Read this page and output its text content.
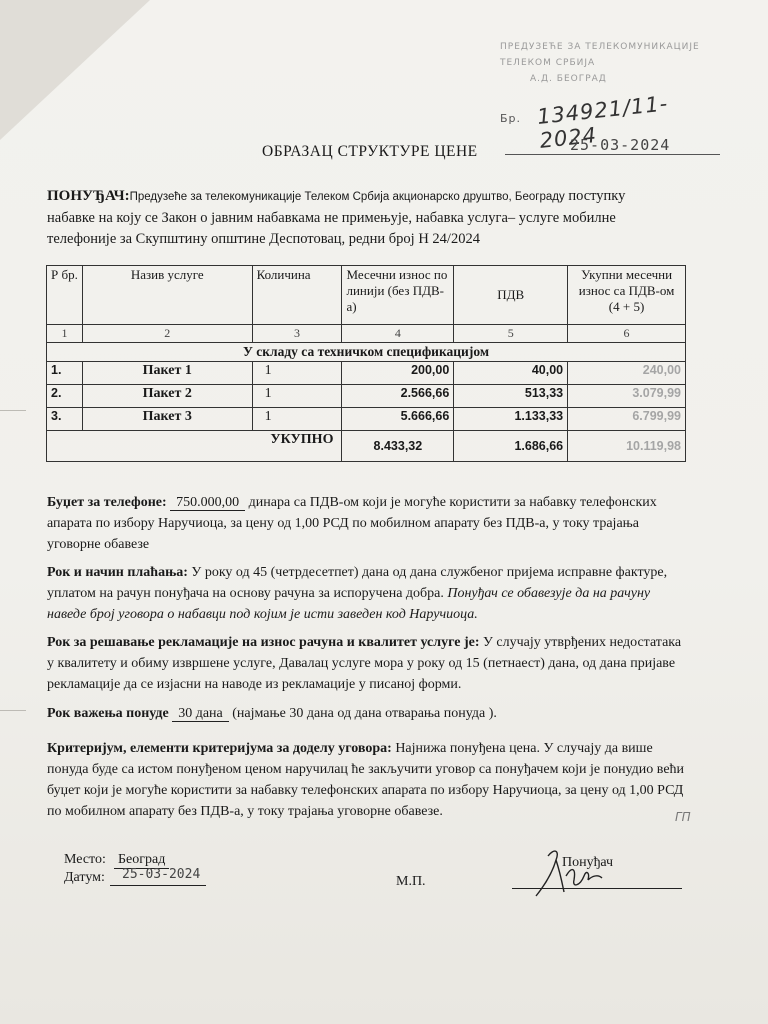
ПРЕДУЗЕЋЕ ЗА ТЕЛЕКОМУНИКАЦИЈЕ
ТЕЛЕКОМ СРБИЈА
А.Д. БЕОГРАД
Бр. 134921/11-2024
25-03-2024
ОБРАЗАЦ СТРУКТУРЕ ЦЕНЕ
ПОНУЂАЧ:Предузеће за телекомуникације Телеком Србија акционарско друштво, Београду поступку
набавке на коју се Закон о јавним набавкама не примењује, набавка услуга– услуге мобилне телефоније за Скупштину општине Деспотовац, редни број Н 24/2024
Р бр.	Назив услуге	Количина	Месечни износ по линији (без ПДВ-а)	ПДВ	Укупни месечни износ са ПДВ-ом (4 + 5)
1	2	3	4	5	6
У складу са техничком спецификацијом					
1.	Пакет 1	1	200,00	40,00	240,00
2.	Пакет 2	1	2.566,66	513,33	3.079,99
3.	Пакет 3	1	5.666,66	1.133,33	6.799,99
УКУПНО			8.433,32	1.686,66	10.119,98
Буџет за телефоне: 750.000,00 динара са ПДВ-ом који је могуће користити за набавку телефонских апарата по избору Наручиоца, за цену од 1,00 РСД по мобилном апарату без ПДВ-а, у току трајања уговорне обавезе
Рок и начин плаћања: У року од 45 (четрдесетпет) дана од дана службеног пријема исправне фактуре, уплатом на рачун понуђача на основу рачуна за испоручена добра. Понуђач се обавезује да на рачуну наведе број уговора о набавци под којим је исти заведен код Наручиоца.
Рок за решавање рекламације на износ рачуна и квалитет услуге је: У случају утврђених недостатака у квалитету и обиму извршене услуге, Давалац услуге мора у року од 15 (петнаест) дана, од дана пријаве рекламације да се изјасни на наводе из рекламације у писаној форми.
Рок важења понуде 30 дана (најмање 30 дана од дана отварања понуда ).
Критеријум, елементи критеријума за доделу уговора: Најнижа понуђена цена. У случају да више понуда буде са истом понуђеном ценом наручилац ће закључити уговор са понуђачем који је понудио већи буџет који је могуће користити за набавку телефонских апарата по избору Наручиоца, за цену од 1,00 РСД по мобилном апарату без ПДВ-а, у току трајања уговорне обавезе.	ГП
Место: Београд
Датум: 25-03-2024	М.П.
Понуђач
